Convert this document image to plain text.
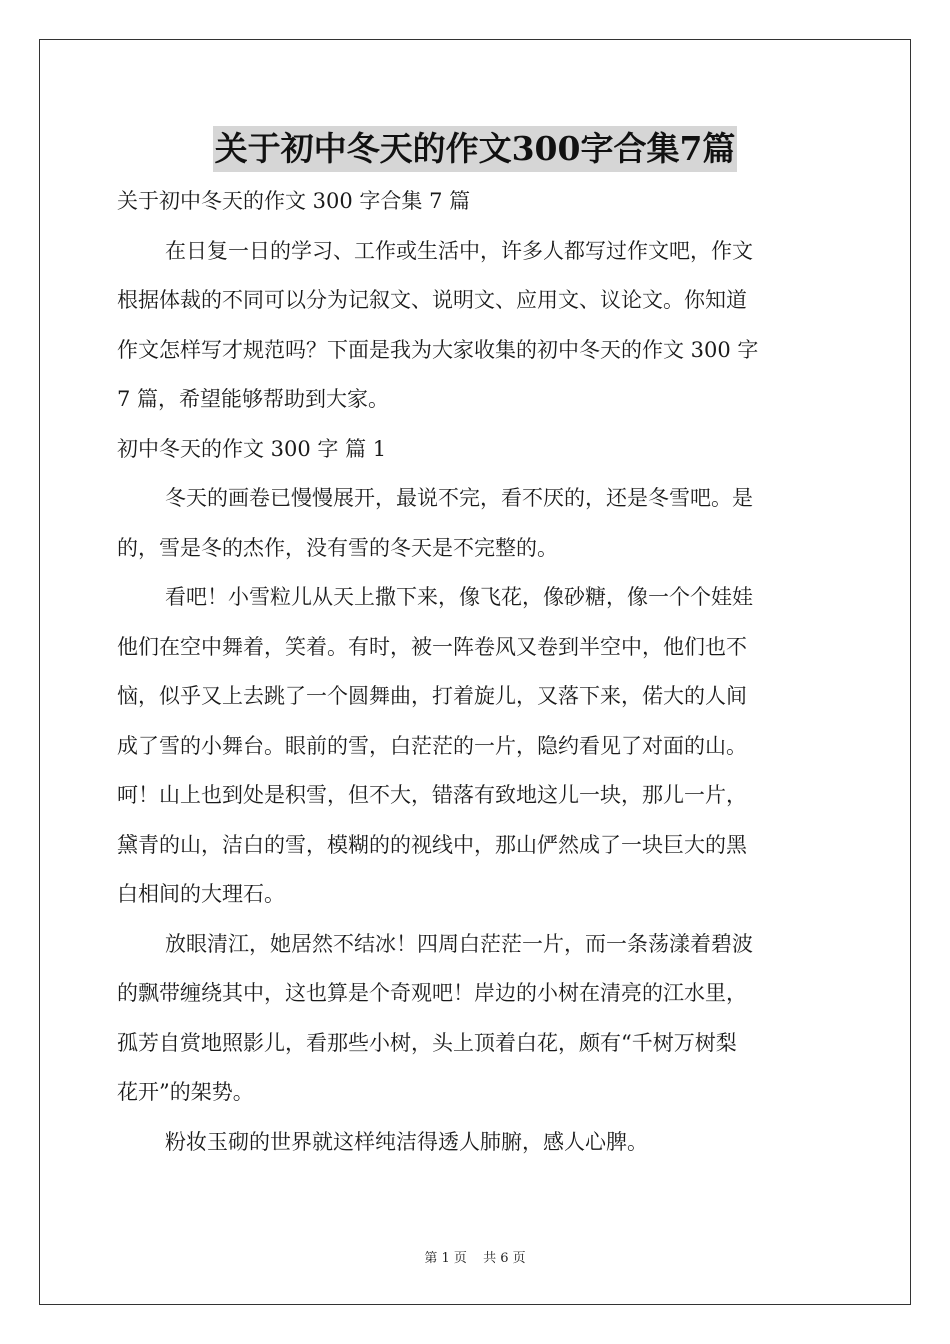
关于初中冬天的作文300字合集7篇
关于初中冬天的作文 300 字合集 7 篇
在日复一日的学习、工作或生活中，许多人都写过作文吧，作文
根据体裁的不同可以分为记叙文、说明文、应用文、议论文。你知道
作文怎样写才规范吗？下面是我为大家收集的初中冬天的作文 300 字
7 篇，希望能够帮助到大家。
初中冬天的作文 300 字 篇 1
冬天的画卷已慢慢展开，最说不完，看不厌的，还是冬雪吧。是
的，雪是冬的杰作，没有雪的冬天是不完整的。
看吧！小雪粒儿从天上撒下来，像飞花，像砂糖，像一个个娃娃
他们在空中舞着，笑着。有时，被一阵卷风又卷到半空中，他们也不
恼，似乎又上去跳了一个圆舞曲，打着旋儿，又落下来，偌大的人间
成了雪的小舞台。眼前的雪，白茫茫的一片，隐约看见了对面的山。
呵！山上也到处是积雪，但不大，错落有致地这儿一块，那儿一片，
黛青的山，洁白的雪，模糊的的视线中，那山俨然成了一块巨大的黑
白相间的大理石。
放眼清江，她居然不结冰！四周白茫茫一片，而一条荡漾着碧波
的飘带缠绕其中，这也算是个奇观吧！岸边的小树在清亮的江水里，
孤芳自赏地照影儿，看那些小树，头上顶着白花，颇有“千树万树梨
花开”的架势。
粉妆玉砌的世界就这样纯洁得透人肺腑，感人心脾。
第 1 页 共 6 页
